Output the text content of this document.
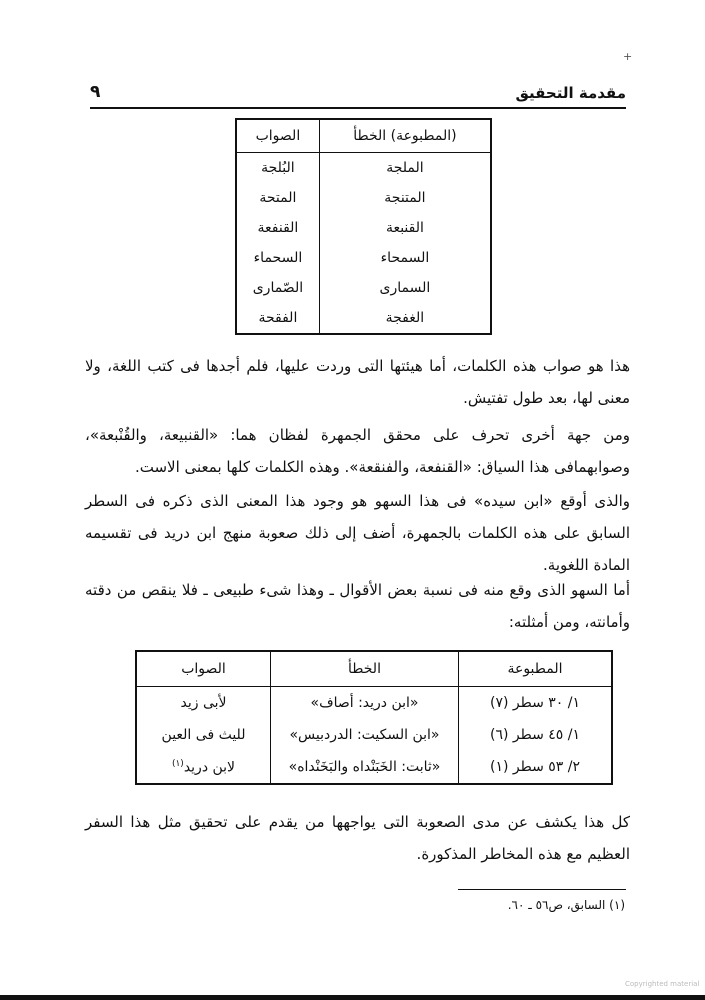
+
مقدمة التحقيق
٩
(المطبوعة) الخطأ	الصواب
الملجة	البُلجة
المتنجة	المتحة
القنبعة	القنفعة
السمحاء	السحماء
السمارى	الصّمارى
الغفجة	الفقحة

هذا هو صواب هذه الكلمات، أما هيئتها التى وردت عليها، فلم أجدها فى كتب اللغة، ولا معنى لها، بعد طول تفتيش.

ومن جهة أخرى تحرف على محقق الجمهرة لفظان هما: «القنبيعة، والقُنْبعة»، وصوابهمافى هذا السياق: «القنفعة، والفنقعة». وهذه الكلمات كلها بمعنى الاست.

والذى أوقع «ابن سيده» فى هذا السهو هو وجود هذا المعنى الذى ذكره فى السطر السابق على هذه الكلمات بالجمهرة، أضف إلى ذلك صعوبة منهج ابن دريد فى تقسيمه المادة اللغوية.

أما السهو الذى وقع منه فى نسبة بعض الأقوال ـ وهذا شىء طبيعى ـ فلا ينقص من دقته وأمانته، ومن أمثلته:

المطبوعة	الخطأ	الصواب
١/ ٣٠ سطر (٧)	«ابن دريد: أصاف»	لأبى زيد
١/ ٤٥ سطر (٦)	«ابن السكيت: الدردبيس»	لليث فى العين
٢/ ٥٣ سطر (١)	«ثابت: الخَبَنْداه والبَخَنْداه»	لابن دريد$^{(١)}$

كل هذا يكشف عن مدى الصعوبة التى يواجهها من يقدم على تحقيق مثل هذا السفر العظيم مع هذه المخاطر المذكورة.

(١) السابق، ص٥٦ ـ ٦٠.
Copyrighted material
